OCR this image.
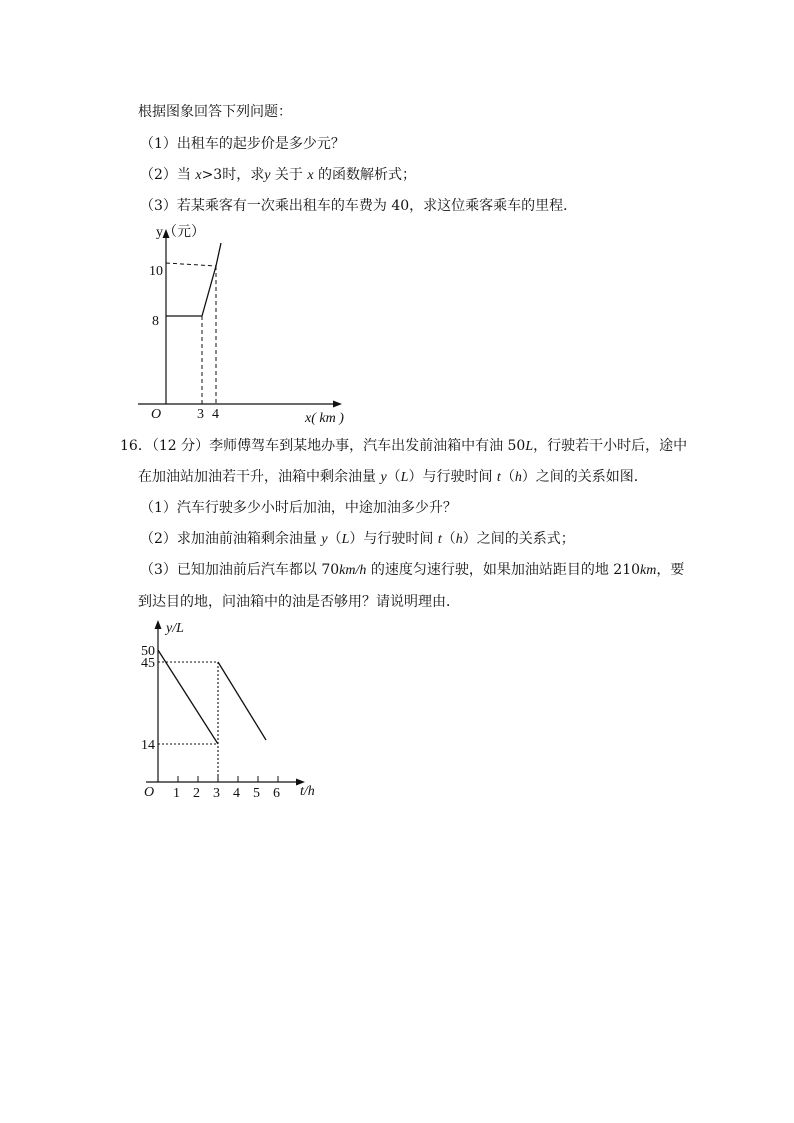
根据图象回答下列问题：
（1）出租车的起步价是多少元？
（2）当 x>3时，求y 关于 x 的函数解析式；
（3）若某乘客有一次乘出租车的车费为 40，求这位乘客乘车的里程．
y（元）
10
8
O	3 4	x( km )
16．（12 分）李师傅驾车到某地办事，汽车出发前油箱中有油 50L，行驶若干小时后，途中
在加油站加油若干升，油箱中剩余油量 y（L）与行驶时间 t（h）之间的关系如图．
（1）汽车行驶多少小时后加油，中途加油多少升？
（2）求加油前油箱剩余油量 y（L）与行驶时间 t（h）之间的关系式；
（3）已知加油前后汽车都以 70km/h 的速度匀速行驶，如果加油站距目的地 210km，要
到达目的地，问油箱中的油是否够用？请说明理由．
y/L
50
45
14
O 1 2 3 4 5 6 t/h
